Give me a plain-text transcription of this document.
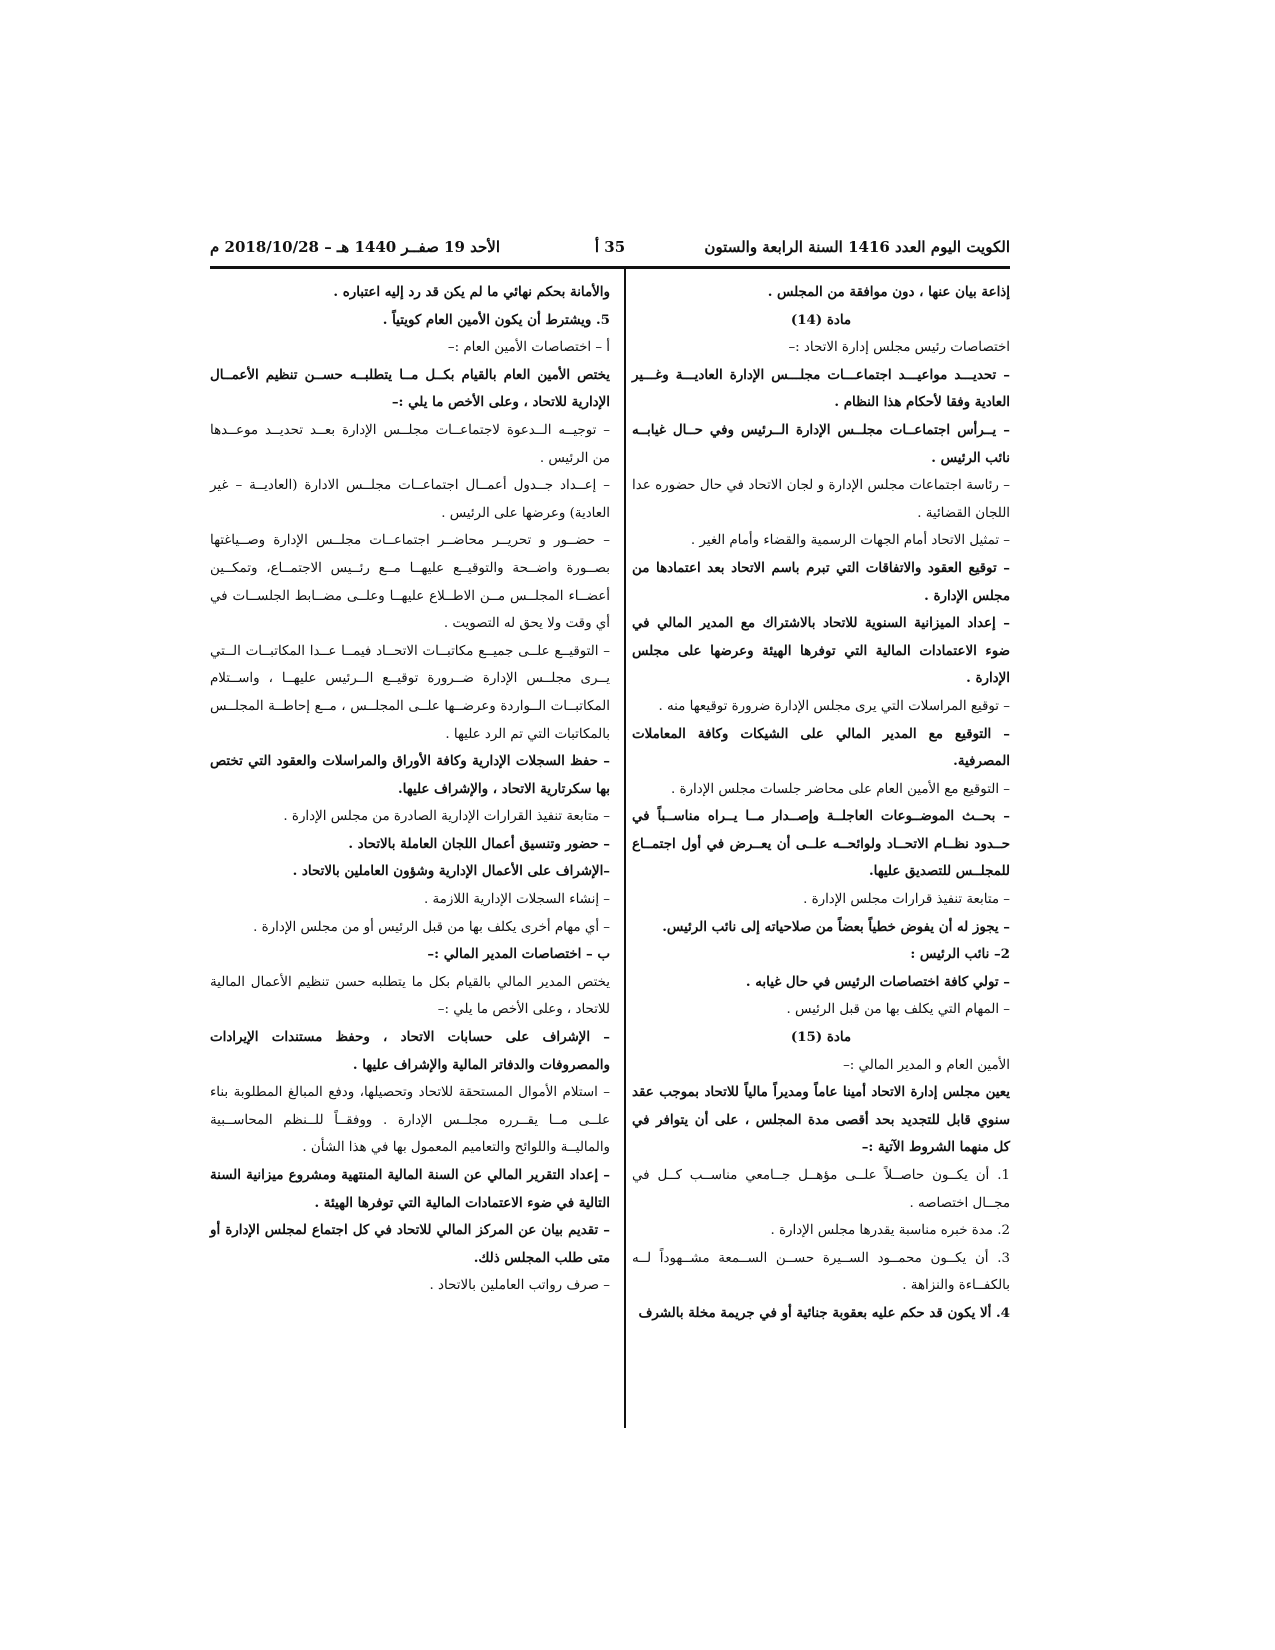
الكويت اليوم العدد 1416 السنة الرابعة والستون
35 أ
الأحد 19 صفــر 1440 هـ – 2018/10/28 م

إذاعة بيان عنها ، دون موافقة من المجلس .

مادة (14)

اختصاصات رئيس مجلس إدارة الاتحاد :–

– تحديـــد مواعيـــد اجتماعـــات مجلـــس الإدارة العاديـــة وغـــير العادية وفقا لأحكام هذا النظام .

– يــرأس اجتماعــات مجلــس الإدارة الــرئيس وفي حــال غيابــه نائب الرئيس .

– رئاسة اجتماعات مجلس الإدارة و لجان الاتحاد في حال حضوره عدا اللجان القضائية .

– تمثيل الاتحاد أمام الجهات الرسمية والقضاء وأمام الغير .

– توقيع العقود والاتفاقات التي تبرم باسم الاتحاد بعد اعتمادها من مجلس الإدارة .

– إعداد الميزانية السنوية للاتحاد بالاشتراك مع المدير المالي في ضوء الاعتمادات المالية التي توفرها الهيئة وعرضها على مجلس الإدارة .

– توقيع المراسلات التي يرى مجلس الإدارة ضرورة توقيعها منه .

– التوقيع مع المدير المالي على الشيكات وكافة المعاملات المصرفية.

– التوقيع مع الأمين العام على محاضر جلسات مجلس الإدارة .

– بحــث الموضــوعات العاجلــة وإصــدار مــا يــراه مناســباً في حــدود نظــام الاتحــاد ولوائحــه علــى أن يعــرض في أول اجتمــاع للمجلــس للتصديق عليها.

– متابعة تنفيذ قرارات مجلس الإدارة .

– يجوز له أن يفوض خطياً بعضاً من صلاحياته إلى نائب الرئيس.

2– نائب الرئيس :

– تولي كافة اختصاصات الرئيس في حال غيابه .

– المهام التي يكلف بها من قبل الرئيس .

مادة (15)

الأمين العام و المدير المالي :–

يعين مجلس إدارة الاتحاد أمينا عاماً ومديراً مالياً للاتحاد بموجب عقد سنوي قابل للتجديد بحد أقصى مدة المجلس ، على أن يتوافر في كل منهما الشروط الآتية :–

1. أن يكــون حاصــلاً علــى مؤهــل جــامعي مناســب كــل في مجــال اختصاصه .

2. مدة خبره مناسبة يقدرها مجلس الإدارة .

3. أن يكــون محمــود الســيرة حســن الســمعة مشــهوداً لــه بالكفــاءة والنزاهة .

4. ألا يكون قد حكم عليه بعقوبة جنائية أو في جريمة مخلة بالشرف

والأمانة بحكم نهائي ما لم يكن قد رد إليه اعتباره .

5. ويشترط أن يكون الأمين العام كويتياً .

أ – اختصاصات الأمين العام :–

يختص الأمين العام بالقيام بكــل مــا يتطلبــه حســن تنظيم الأعمــال الإدارية للاتحاد ، وعلى الأخص ما يلي :–

– توجيــه الــدعوة لاجتماعــات مجلــس الإدارة بعــد تحديــد موعــدها من الرئيس .

– إعــداد جــدول أعمــال اجتماعــات مجلــس الادارة (العاديــة – غير العادية) وعرضها على الرئيس .

– حضــور و تحريــر محاضــر اجتماعــات مجلــس الإدارة وصــياغتها بصــورة واضــحة والتوقيــع عليهــا مــع رئــيس الاجتمــاع، وتمكــين أعضــاء المجلــس مــن الاطــلاع عليهــا وعلــى مضــابط الجلســات في أي وقت ولا يحق له التصويت .

– التوقيــع علــى جميــع مكاتبــات الاتحــاد فيمــا عــدا المكاتبــات الــتي يــرى مجلــس الإدارة ضــرورة توقيــع الــرئيس عليهــا ، واســتلام المكاتبــات الــواردة وعرضــها علــى المجلــس ، مــع إحاطــة المجلــس بالمكاتبات التي تم الرد عليها .

– حفظ السجلات الإدارية وكافة الأوراق والمراسلات والعقود التي تختص بها سكرتارية الاتحاد ، والإشراف عليها.

– متابعة تنفيذ القرارات الإدارية الصادرة من مجلس الإدارة .

– حضور وتنسيق أعمال اللجان العاملة بالاتحاد .

–الإشراف على الأعمال الإدارية وشؤون العاملين بالاتحاد .

– إنشاء السجلات الإدارية اللازمة .

– أي مهام أخرى يكلف بها من قبل الرئيس أو من مجلس الإدارة .

ب – اختصاصات المدير المالي :–

يختص المدير المالي بالقيام بكل ما يتطلبه حسن تنظيم الأعمال المالية للاتحاد ، وعلى الأخص ما يلي :–

– الإشراف على حسابات الاتحاد ، وحفظ مستندات الإيرادات والمصروفات والدفاتر المالية والإشراف عليها .

– استلام الأموال المستحقة للاتحاد وتحصيلها، ودفع المبالغ المطلوبة بناء علــى مــا يقــرره مجلــس الإدارة . ووفقــاً للــنظم المحاســبية والماليــة واللوائح والتعاميم المعمول بها في هذا الشأن .

– إعداد التقرير المالي عن السنة المالية المنتهية ومشروع ميزانية السنة التالية في ضوء الاعتمادات المالية التي توفرها الهيئة .

– تقديم بيان عن المركز المالي للاتحاد في كل اجتماع لمجلس الإدارة أو متى طلب المجلس ذلك.

– صرف رواتب العاملين بالاتحاد .
